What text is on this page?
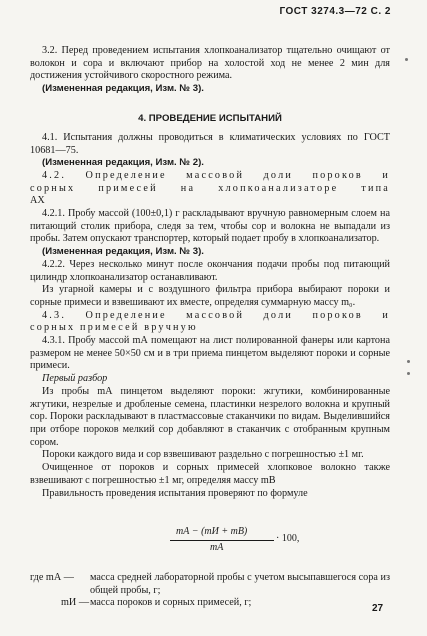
ГОСТ 3274.3—72 С. 2

3.2. Перед проведением испытания хлопкоанализатор тщательно очищают от волокон и сора и включают прибор на холостой ход не менее 2 мин для достижения устойчивого скоростного режима.

(Измененная редакция, Изм. № 3).
4. ПРОВЕДЕНИЕ ИСПЫТАНИЙ

4.1. Испытания должны проводиться в климатических условиях по ГОСТ 10681—75.

(Измененная редакция, Изм. № 2).

4.2. Определение массовой доли пороков и

сорных примесей на хлопкоанализаторе типа

АХ

4.2.1. Пробу массой (100±0,1) г раскладывают вручную равномерным слоем на питающий столик прибора, следя за тем, чтобы сор и волокна не выпадали из пробы. Затем опускают транспортер, который подает пробу в хлопкоанализатор.

(Измененная редакция, Изм. № 3).

4.2.2. Через несколько минут после окончания подачи пробы под питающий цилиндр хлопкоанализатор останавливают.

Из угарной камеры и с воздушного фильтра прибора выбирают пороки и сорные примеси и взвешивают их вместе, определяя суммарную массу m₀.

4.3. Определение массовой доли пороков и

сорных примесей вручную

4.3.1. Пробу массой mА помещают на лист полированной фанеры или картона размером не менее 50×50 см и в три приема пинцетом выделяют пороки и сорные примеси.

Первый разбор

Из пробы mА пинцетом выделяют пороки: жгутики, комбинированные жгутики, незрелые и дробленые семена, пластинки незрелого волокна и крупный сор. Пороки раскладывают в пластмассовые стаканчики по видам. Выделившийся при отборе пороков мелкий сор добавляют в стаканчик с отобранным крупным сором.

Пороки каждого вида и сор взвешивают раздельно с погрешностью ±1 мг.

Очищенное от пороков и сорных примесей хлопковое волокно также взвешивают с погрешностью ±1 мг, определяя массу mВ

Правильность проведения испытания проверяют по формуле

mА − (mИ + mВ)
mА
· 100,
где mА —	масса средней лабораторной пробы с учетом высыпавшегося сора из общей пробы, г;
mИ — масса пороков и сорных примесей, г;
27
